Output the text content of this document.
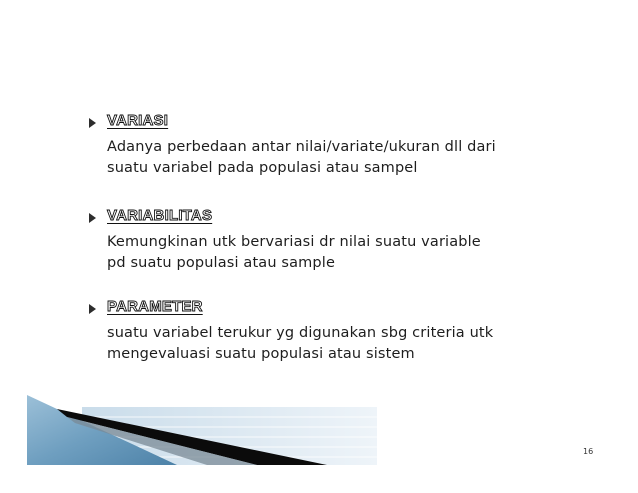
VARIASI
Adanya perbedaan antar nilai/variate/ukuran dll dari
suatu variabel pada populasi atau sampel
VARIABILITAS
Kemungkinan utk bervariasi dr nilai suatu variable
pd suatu populasi atau sample
PARAMETER
suatu variabel terukur yg digunakan sbg criteria utk
mengevaluasi suatu populasi atau sistem
16
